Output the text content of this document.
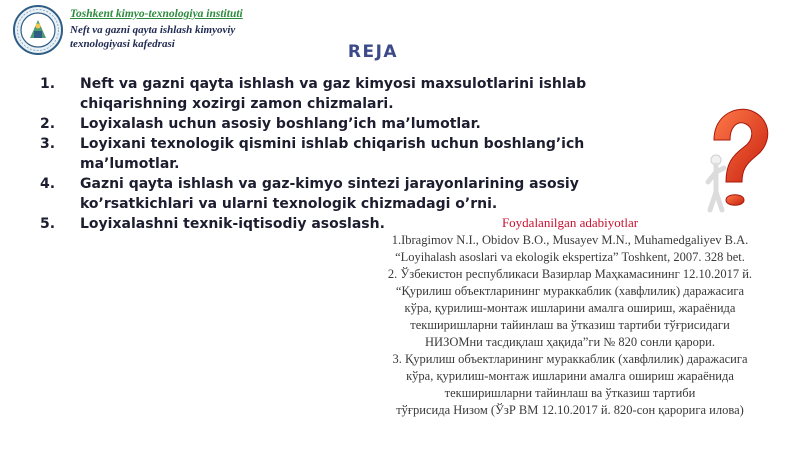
Toshkent kimyo-texnologiya instituti
Neft va gazni qayta ishlash kimyoviy
texnologiyasi kafedrasi	REJA
1.	Neft va gazni qayta ishlash va gaz kimyosi maxsulotlarini ishlab chiqarishning xozirgi zamon chizmalari.
2.	Loyixalash uchun asosiy boshlang’ich ma’lumotlar.
3.	Loyixani texnologik qismini ishlab chiqarish uchun boshlang’ich ma’lumotlar.
4.	Gazni qayta ishlash va gaz-kimyo sintezi jarayonlarining asosiy ko’rsatkichlari va ularni texnologik chizmadagi o’rni.
5.	Loyixalashni texnik-iqtisodiy asoslash.	Foydalanilgan adabiyotlar
1.Ibragimov N.I., Obidov B.O., Musayev M.N., Muhamedgaliyev B.A.
“Loyihalash asoslari va ekologik ekspertiza” Toshkent, 2007. 328 bet.
2. Ўзбекистон республикаси Вазирлар Маҳкамасининг 12.10.2017 й.
“Қурилиш объектларининг мураккаблик (хавфлилик) даражасига
кўра, қурилиш-монтаж ишларини амалга ошириш, жараёнида
текширишларни тайинлаш ва ўтказиш тартиби тўғрисидаги
НИЗОМни тасдиқлаш ҳақида”ги № 820 сонли қарори.
3. Қурилиш объектларининг мураккаблик (хавфлилик) даражасига
кўра, қурилиш-монтаж ишларини амалга ошириш жараёнида
текширишларни тайинлаш ва ўтказиш тартиби
тўғрисида Низом (ЎзР ВМ 12.10.2017 й. 820-сон қарорига илова)
